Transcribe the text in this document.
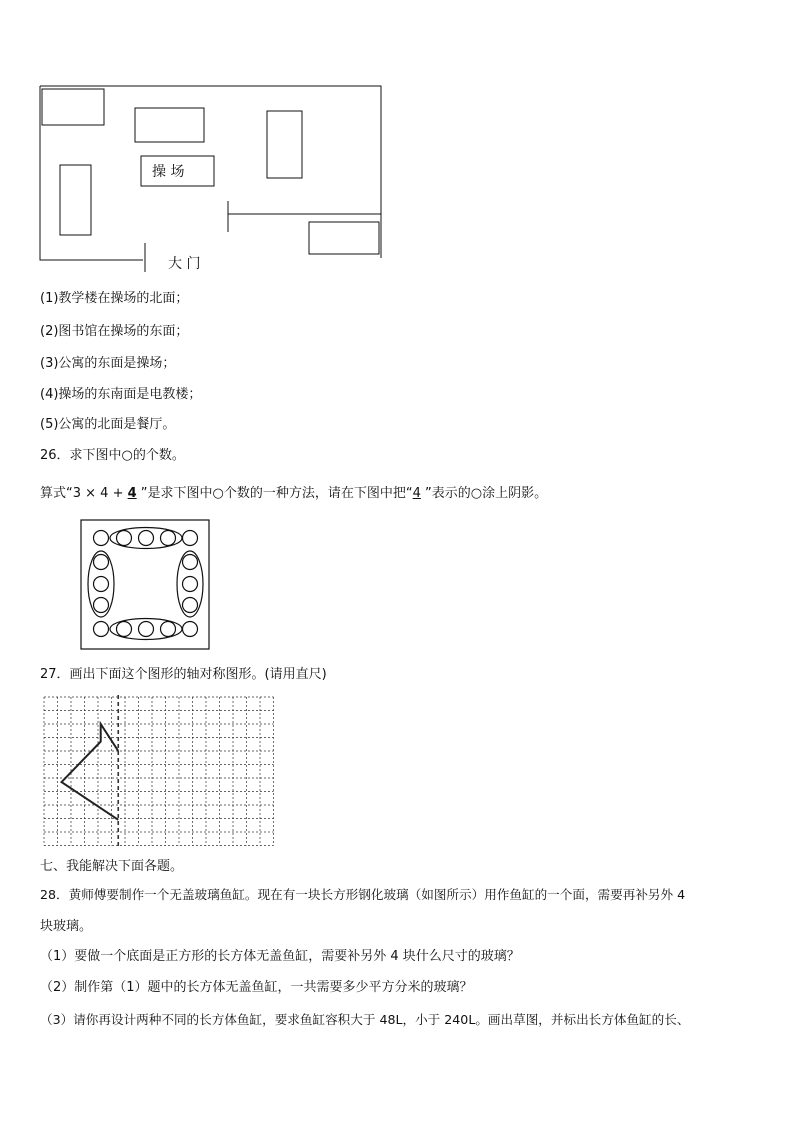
操 场
大 门
(1)教学楼在操场的北面；
(2)图书馆在操场的东面；
(3)公寓的东面是操场；
(4)操场的东南面是电教楼；
(5)公寓的北面是餐厅。
26．求下图中○的个数。
算式“3 × 4 + 4 ”是求下图中○个数的一种方法，请在下图中把“4 ”表示的○涂上阴影。
27．画出下面这个图形的轴对称图形。(请用直尺)
七、我能解决下面各题。
28．黄师傅要制作一个无盖玻璃鱼缸。现在有一块长方形钢化玻璃（如图所示）用作鱼缸的一个面，需要再补另外 4
块玻璃。
（1）要做一个底面是正方形的长方体无盖鱼缸，需要补另外 4 块什么尺寸的玻璃？
（2）制作第（1）题中的长方体无盖鱼缸，一共需要多少平方分米的玻璃？
（3）请你再设计两种不同的长方体鱼缸，要求鱼缸容积大于 48L，小于 240L。画出草图，并标出长方体鱼缸的长、
